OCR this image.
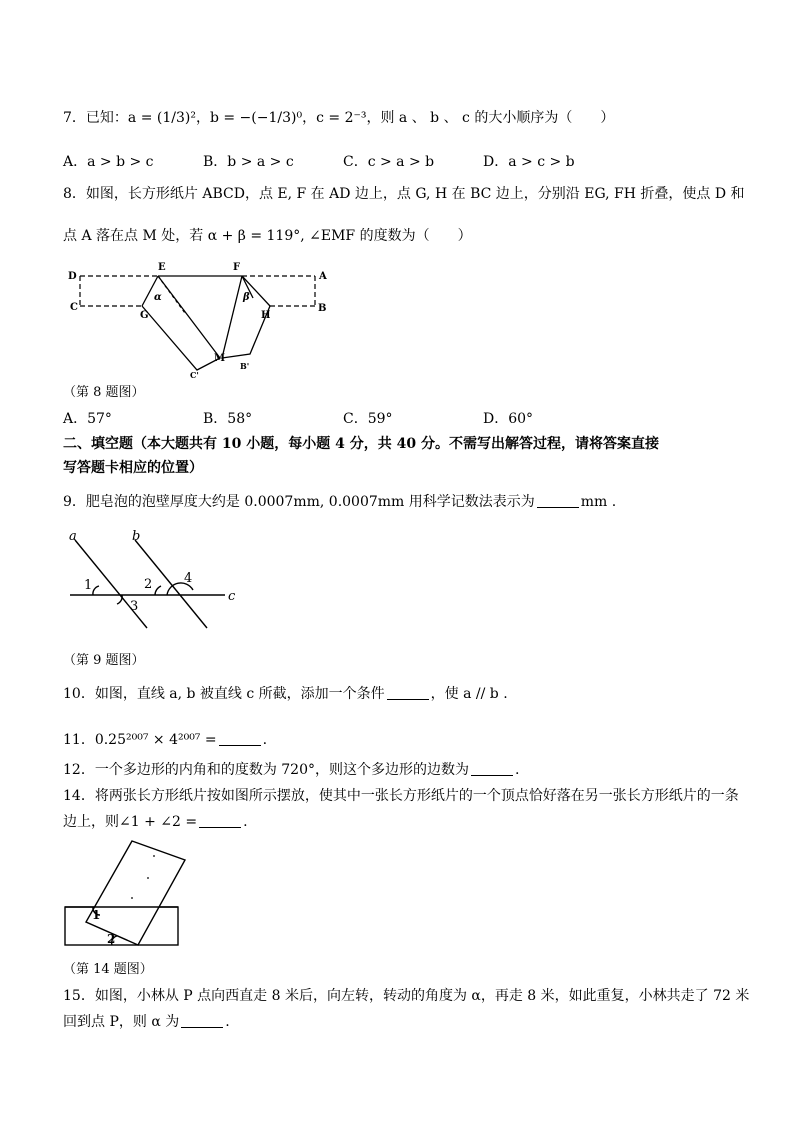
7．已知：a = (1/3)²，b = −(−1/3)⁰，c = 2⁻³，则 a 、 b 、 c 的大小顺序为（　　）
A．a > b > c	B．b > a > c	C．c > a > b	D．a > c > b
8．如图，长方形纸片 ABCD，点 E, F 在 AD 边上，点 G, H 在 BC 边上，分别沿 EG, FH 折叠，使点 D 和
点 A 落在点 M 处，若 α + β = 119°, ∠EMF 的度数为（　　）
D
E	F
A
C
G	H
B
M
C'
B'
α	β
（第 8 题图）
A．57°	B．58°	C．59°	D．60°
二、填空题（本大题共有 10 小题，每小题 4 分，共 40 分。不需写出解答过程，请将答案直接
写答题卡相应的位置）
9．肥皂泡的泡壁厚度大约是 0.0007mm, 0.0007mm 用科学记数法表示为	mm .
a	b
c
1	2
3
4
（第 9 题图）
10．如图，直线 a, b 被直线 c 所截，添加一个条件	，使 a // b .
11．0.25²⁰⁰⁷ × 4²⁰⁰⁷ =	.
12．一个多边形的内角和的度数为 720°，则这个多边形的边数为	.
14．将两张长方形纸片按如图所示摆放，使其中一张长方形纸片的一个顶点恰好落在另一张长方形纸片的一条
边上，则∠1 + ∠2 =	.
1
2
（第 14 题图）
15．如图，小林从 P 点向西直走 8 米后，向左转，转动的角度为 α，再走 8 米，如此重复，小林共走了 72 米
回到点 P，则 α 为	.
